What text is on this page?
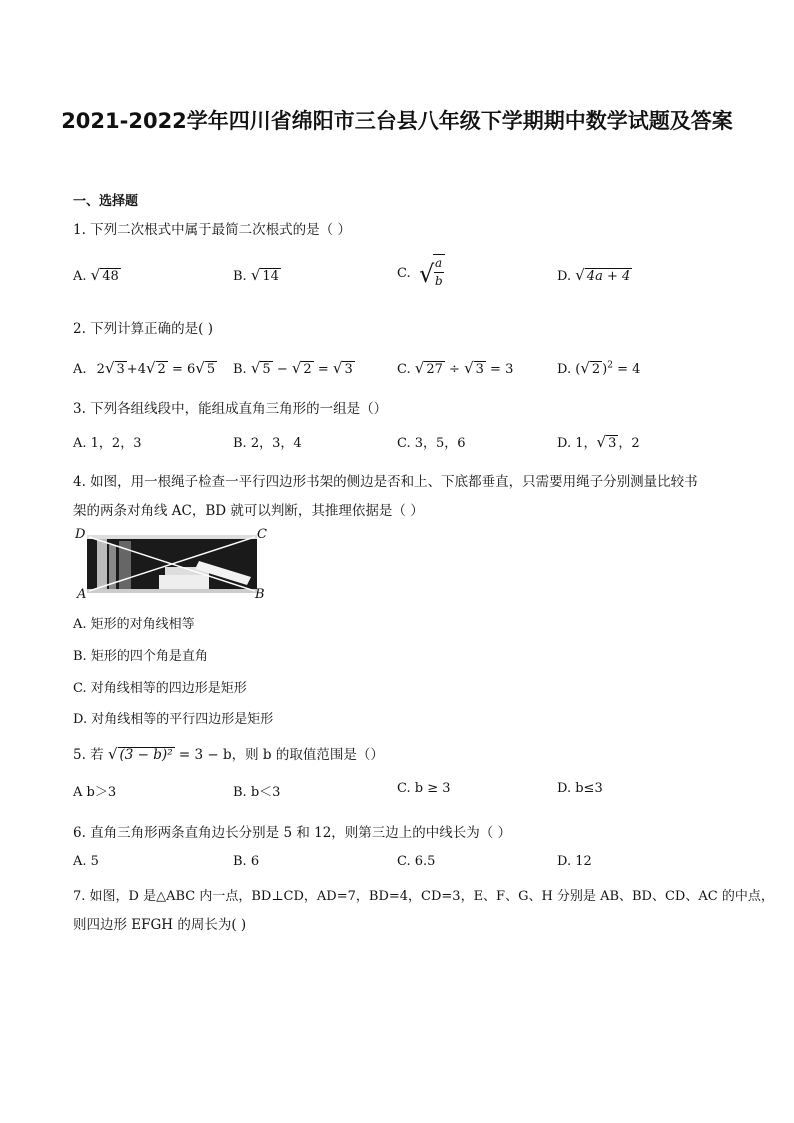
2021-2022学年四川省绵阳市三台县八年级下学期期中数学试题及答案
一、选择题
1. 下列二次根式中属于最简二次根式的是（ ）
A. √ 48	B. √ 14	C. √ a
b	D. √ 4a + 4
2. 下列计算正确的是( )
A. 2√ 3 +4√ 2 = 6√ 5 B. √ 5 − √ 2 = √ 3	C. √ 27 ÷ √ 3 = 3	D. (√ 2 )$^2$ = 4
3. 下列各组线段中，能组成直角三角形的一组是（）
A. 1，2，3	B. 2，3，4	C. 3，5，6	D. 1，√ 3 ，2
4. 如图，用一根绳子检查一平行四边形书架的侧边是否和上、下底都垂直，只需要用绳子分别测量比较书
架的两条对角线 AC，BD 就可以判断，其推理依据是（ ）
D	C
A	B
A. 矩形的对角线相等
B. 矩形的四个角是直角
C. 对角线相等的四边形是矩形
D. 对角线相等的平行四边形是矩形
5. 若 √ (3 − b)² = 3 − b，则 b 的取值范围是（）
A b＞3	B. b＜3	C. b ≥ 3	D. b≤3
6. 直角三角形两条直角边长分别是 5 和 12，则第三边上的中线长为（ ）
A. 5	B. 6	C. 6.5	D. 12
7. 如图，D 是△ABC 内一点，BD⊥CD，AD=7，BD=4，CD=3，E、F、G、H 分别是 AB、BD、CD、AC 的中点，
则四边形 EFGH 的周长为( )
